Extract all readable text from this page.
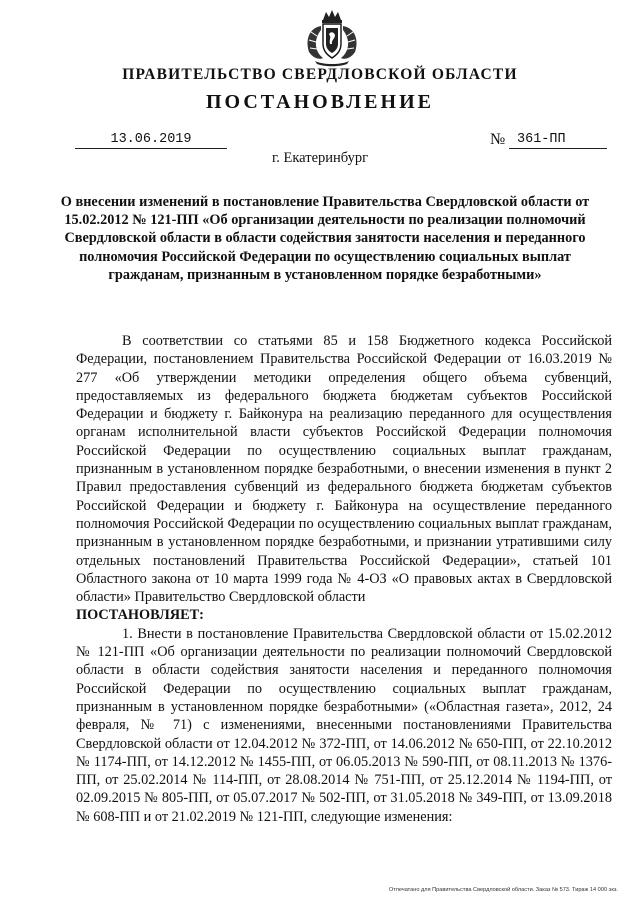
ПРАВИТЕЛЬСТВО СВЕРДЛОВСКОЙ ОБЛАСТИ
ПОСТАНОВЛЕНИЕ
13.06.2019	№ 361-ПП
г. Екатеринбург
О внесении изменений в постановление Правительства Свердловской области от 15.02.2012 № 121-ПП «Об организации деятельности по реализации полномочий Свердловской области в области содействия занятости населения и переданного полномочия Российской Федерации по осуществлению социальных выплат гражданам, признанным в установленном порядке безработными»

В соответствии со статьями 85 и 158 Бюджетного кодекса Российской Федерации, постановлением Правительства Российской Федерации от 16.03.2019 № 277 «Об утверждении методики определения общего объема субвенций, предоставляемых из федерального бюджета бюджетам субъектов Российской Федерации и бюджету г. Байконура на реализацию переданного для осуществления органам исполнительной власти субъектов Российской Федерации полномочия Российской Федерации по осуществлению социальных выплат гражданам, признанным в установленном порядке безработными, о внесении изменения в пункт 2 Правил предоставления субвенций из федерального бюджета бюджетам субъектов Российской Федерации и бюджету г. Байконура на осуществление переданного полномочия Российской Федерации по осуществлению социальных выплат гражданам, признанным в установленном порядке безработными, и признании утратившими силу отдельных постановлений Правительства Российской Федерации», статьей 101 Областного закона от 10 марта 1999 года № 4-ОЗ «О правовых актах в Свердловской области» Правительство Свердловской области

ПОСТАНОВЛЯЕТ:

1. Внести в постановление Правительства Свердловской области от 15.02.2012 № 121-ПП «Об организации деятельности по реализации полномочий Свердловской области в области содействия занятости населения и переданного полномочия Российской Федерации по осуществлению социальных выплат гражданам, признанным в установленном порядке безработными» («Областная газета», 2012, 24 февраля, № 71) с изменениями, внесенными постановлениями Правительства Свердловской области от 12.04.2012 № 372-ПП, от 14.06.2012 № 650-ПП, от 22.10.2012 № 1174-ПП, от 14.12.2012 № 1455-ПП, от 06.05.2013 № 590-ПП, от 08.11.2013 № 1376-ПП, от 25.02.2014 № 114-ПП, от 28.08.2014 № 751-ПП, от 25.12.2014 № 1194-ПП, от 02.09.2015 № 805-ПП, от 05.07.2017 № 502-ПП, от 31.05.2018 № 349-ПП, от 13.09.2018 № 608-ПП и от 21.02.2019 № 121-ПП, следующие изменения:

Отпечатано для Правительства Свердловской области. Заказ № 573. Тираж 14 000 экз.
